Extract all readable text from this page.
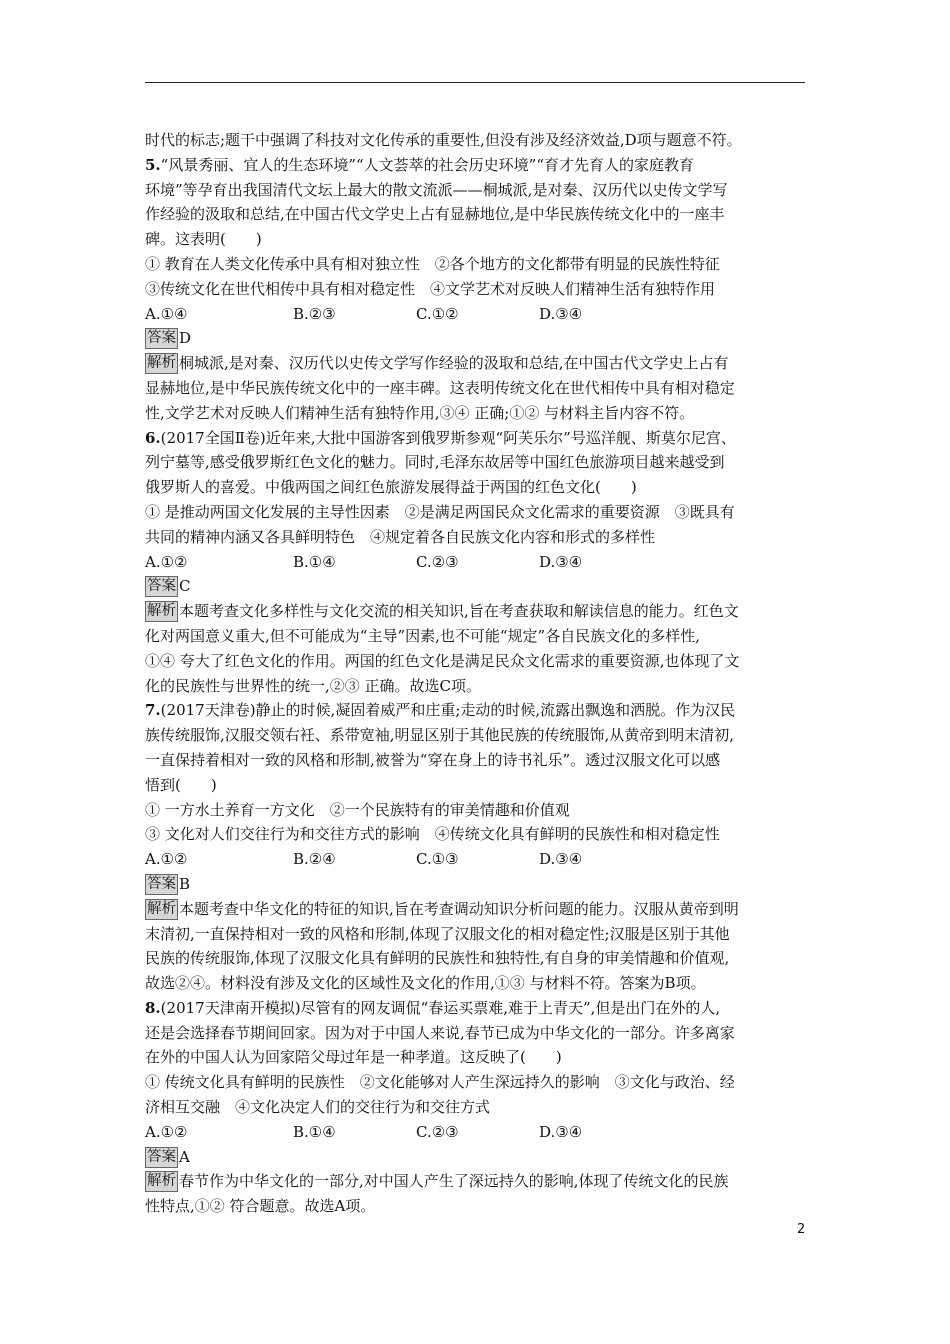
时代的标志;题干中强调了科技对文化传承的重要性,但没有涉及经济效益,D项与题意不符。
5.“风景秀丽、宜人的生态环境”“人文荟萃的社会历史环境”“育才先育人的家庭教育
环境”等孕育出我国清代文坛上最大的散文流派——桐城派,是对秦、汉历代以史传文学写
作经验的汲取和总结,在中国古代文学史上占有显赫地位,是中华民族传统文化中的一座丰
碑。这表明(　　)
① 教育在人类文化传承中具有相对独立性　②各个地方的文化都带有明显的民族性特征
③传统文化在世代相传中具有相对稳定性　④文学艺术对反映人们精神生活有独特作用
A.①④	B.②③	C.①②	D.③④
答案 D
解析 桐城派,是对秦、汉历代以史传文学写作经验的汲取和总结,在中国古代文学史上占有
显赫地位,是中华民族传统文化中的一座丰碑。这表明传统文化在世代相传中具有相对稳定
性,文学艺术对反映人们精神生活有独特作用,③④ 正确;①② 与材料主旨内容不符。
6.(2017全国Ⅱ卷)近年来,大批中国游客到俄罗斯参观“阿芙乐尔”号巡洋舰、斯莫尔尼宫、
列宁墓等,感受俄罗斯红色文化的魅力。同时,毛泽东故居等中国红色旅游项目越来越受到
俄罗斯人的喜爱。中俄两国之间红色旅游发展得益于两国的红色文化(　　)
① 是推动两国文化发展的主导性因素　②是满足两国民众文化需求的重要资源　③既具有
共同的精神内涵又各具鲜明特色　④规定着各自民族文化内容和形式的多样性
A.①②	B.①④	C.②③	D.③④
答案 C
解析 本题考查文化多样性与文化交流的相关知识,旨在考查获取和解读信息的能力。红色文
化对两国意义重大,但不可能成为“主导”因素,也不可能“规定”各自民族文化的多样性,
①④ 夸大了红色文化的作用。两国的红色文化是满足民众文化需求的重要资源,也体现了文
化的民族性与世界性的统一,②③ 正确。故选C项。
7.(2017天津卷)静止的时候,凝固着威严和庄重;走动的时候,流露出飘逸和洒脱。作为汉民
族传统服饰,汉服交领右衽、系带宽袖,明显区别于其他民族的传统服饰,从黄帝到明末清初,
一直保持着相对一致的风格和形制,被誉为“穿在身上的诗书礼乐”。透过汉服文化可以感
悟到(　　)
① 一方水土养育一方文化　②一个民族特有的审美情趣和价值观
③ 文化对人们交往行为和交往方式的影响　④传统文化具有鲜明的民族性和相对稳定性
A.①②	B.②④	C.①③	D.③④
答案 B
解析 本题考查中华文化的特征的知识,旨在考查调动知识分析问题的能力。汉服从黄帝到明
末清初,一直保持相对一致的风格和形制,体现了汉服文化的相对稳定性;汉服是区别于其他
民族的传统服饰,体现了汉服文化具有鲜明的民族性和独特性,有自身的审美情趣和价值观,
故选②④。材料没有涉及文化的区域性及文化的作用,①③ 与材料不符。答案为B项。
8.(2017天津南开模拟)尽管有的网友调侃“春运买票难,难于上青天”,但是出门在外的人,
还是会选择春节期间回家。因为对于中国人来说,春节已成为中华文化的一部分。许多离家
在外的中国人认为回家陪父母过年是一种孝道。这反映了(　　)
① 传统文化具有鲜明的民族性　②文化能够对人产生深远持久的影响　③文化与政治、经
济相互交融　④文化决定人们的交往行为和交往方式
A.①②	B.①④	C.②③	D.③④
答案 A
解析 春节作为中华文化的一部分,对中国人产生了深远持久的影响,体现了传统文化的民族
性特点,①② 符合题意。故选A项。
2
